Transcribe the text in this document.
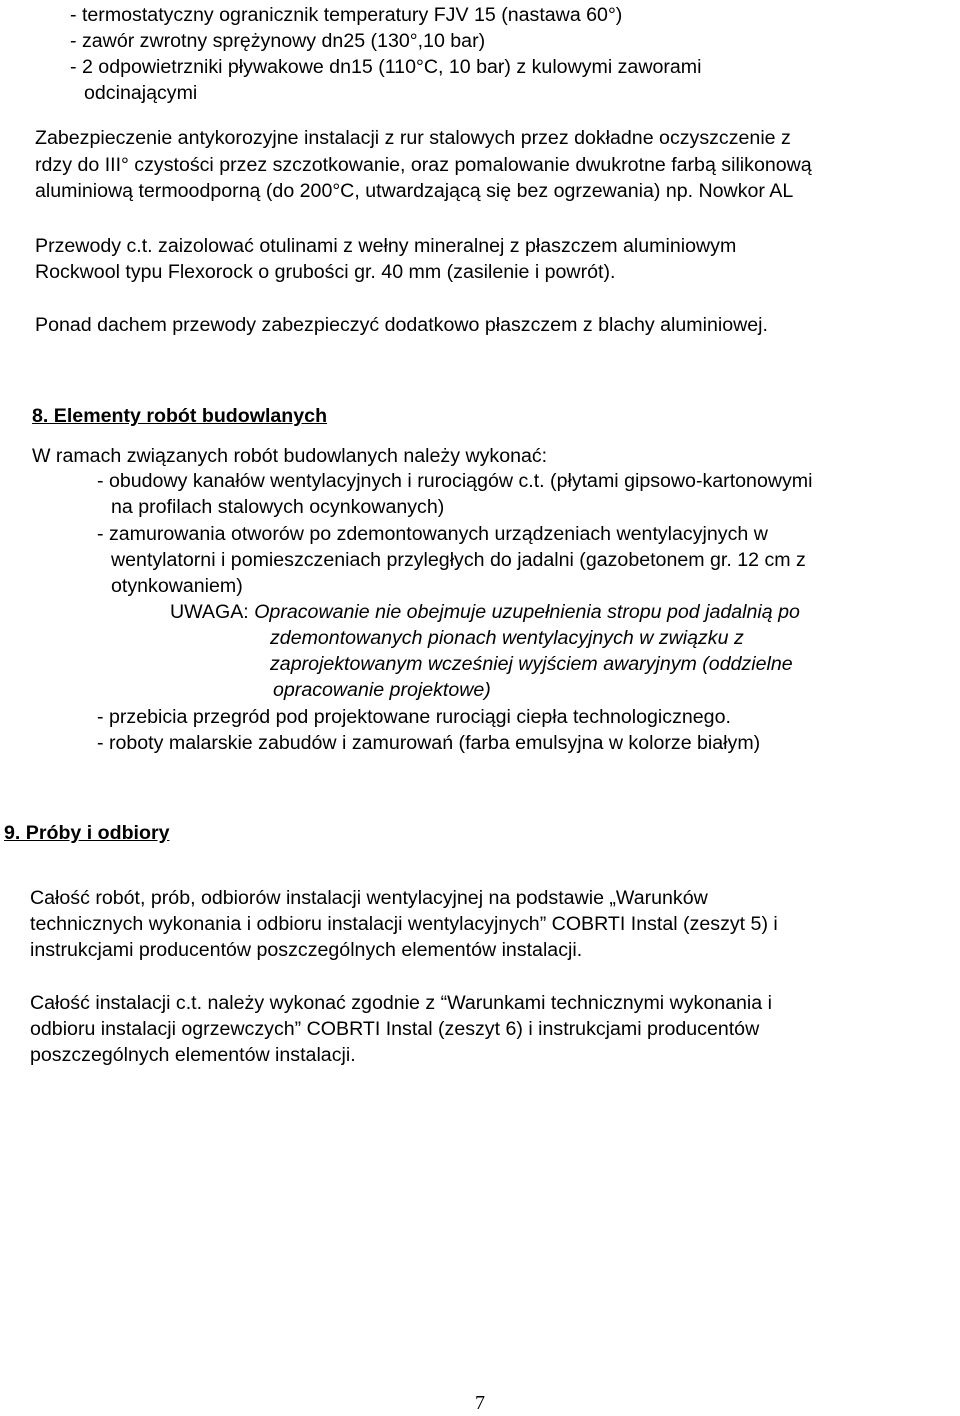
- termostatyczny ogranicznik temperatury FJV 15 (nastawa 60°)
- zawór zwrotny sprężynowy dn25 (130°,10 bar)
- 2 odpowietrzniki pływakowe dn15 (110°C, 10 bar) z kulowymi zaworami
odcinającymi
Zabezpieczenie antykorozyjne instalacji z rur stalowych przez dokładne oczyszczenie z
rdzy do III° czystości przez szczotkowanie, oraz pomalowanie dwukrotne farbą silikonową
aluminiową termoodporną (do 200°C, utwardzającą się bez ogrzewania) np. Nowkor AL
Przewody c.t. zaizolować otulinami z wełny mineralnej z płaszczem aluminiowym
Rockwool typu Flexorock o grubości gr. 40 mm (zasilenie i powrót).
Ponad dachem przewody zabezpieczyć dodatkowo płaszczem z blachy aluminiowej.
8. Elementy robót budowlanych
W ramach związanych robót budowlanych należy wykonać:
- obudowy kanałów wentylacyjnych i rurociągów c.t. (płytami gipsowo-kartonowymi
na profilach stalowych ocynkowanych)
- zamurowania otworów po zdemontowanych urządzeniach wentylacyjnych w
wentylatorni i pomieszczeniach przyległych do jadalni (gazobetonem gr. 12 cm z
otynkowaniem)
UWAGA: Opracowanie nie obejmuje uzupełnienia stropu pod jadalnią po
zdemontowanych pionach wentylacyjnych w związku z
zaprojektowanym wcześniej wyjściem awaryjnym (oddzielne
opracowanie projektowe)
- przebicia przegród pod projektowane rurociągi ciepła technologicznego.
- roboty malarskie zabudów i zamurowań (farba emulsyjna w kolorze białym)
9. Próby i odbiory
Całość robót, prób, odbiorów instalacji wentylacyjnej na podstawie „Warunków
technicznych wykonania i odbioru instalacji wentylacyjnych” COBRTI Instal (zeszyt 5) i
instrukcjami producentów poszczególnych elementów instalacji.
Całość instalacji c.t. należy wykonać zgodnie z “Warunkami technicznymi wykonania i
odbioru instalacji ogrzewczych” COBRTI Instal (zeszyt 6) i instrukcjami producentów
poszczególnych elementów instalacji.
7
